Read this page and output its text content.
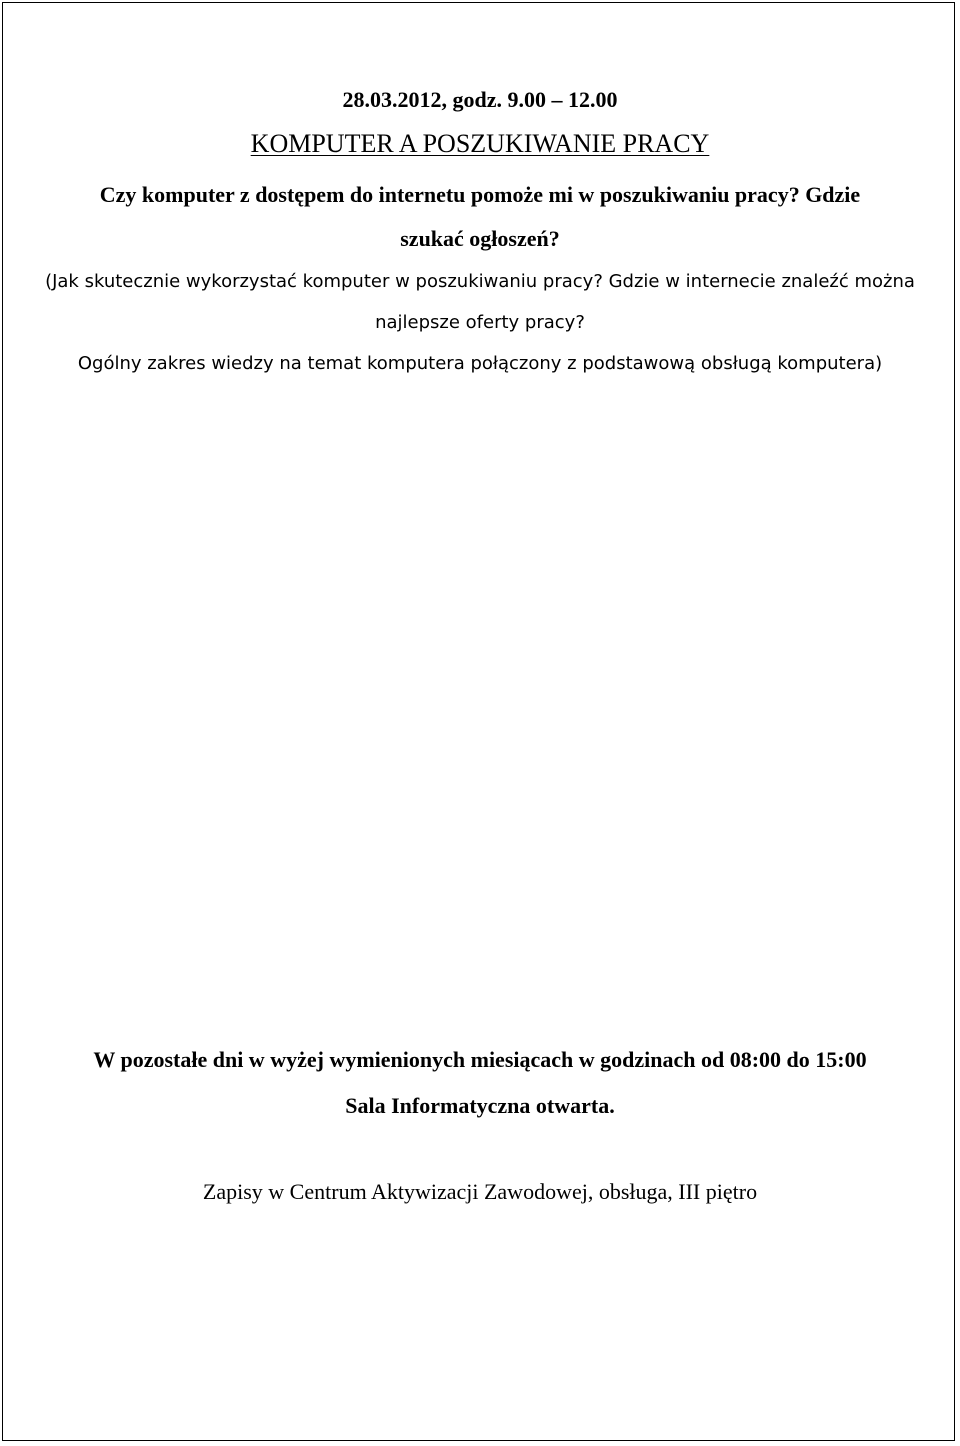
28.03.2012, godz. 9.00 – 12.00
KOMPUTER A POSZUKIWANIE PRACY
Czy komputer z dostępem do internetu pomoże mi w poszukiwaniu pracy? Gdzie
szukać ogłoszeń?
(Jak skutecznie wykorzystać komputer w poszukiwaniu pracy? Gdzie w internecie znaleźć można
najlepsze oferty pracy?
Ogólny zakres wiedzy na temat komputera połączony z podstawową obsługą komputera)
W pozostałe dni w wyżej wymienionych miesiącach w godzinach od 08:00 do 15:00
Sala Informatyczna otwarta.
Zapisy w Centrum Aktywizacji Zawodowej, obsługa, III piętro
